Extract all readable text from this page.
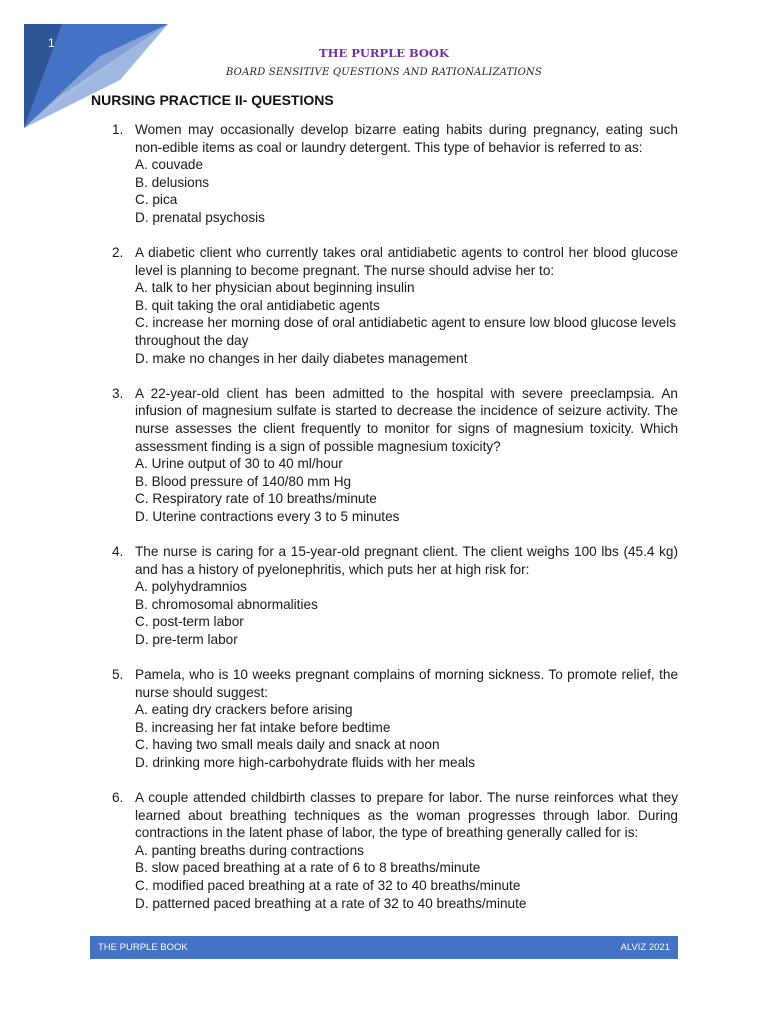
1
THE PURPLE BOOK
BOARD SENSITIVE QUESTIONS AND RATIONALIZATIONS
NURSING PRACTICE II- QUESTIONS
1. Women may occasionally develop bizarre eating habits during pregnancy, eating such non-edible items as coal or laundry detergent. This type of behavior is referred to as:
A. couvade
B. delusions
C. pica
D. prenatal psychosis
2. A diabetic client who currently takes oral antidiabetic agents to control her blood glucose level is planning to become pregnant. The nurse should advise her to:
A. talk to her physician about beginning insulin
B. quit taking the oral antidiabetic agents
C. increase her morning dose of oral antidiabetic agent to ensure low blood glucose levels throughout the day
D. make no changes in her daily diabetes management
3. A 22-year-old client has been admitted to the hospital with severe preeclampsia. An infusion of magnesium sulfate is started to decrease the incidence of seizure activity. The nurse assesses the client frequently to monitor for signs of magnesium toxicity. Which assessment finding is a sign of possible magnesium toxicity?
A. Urine output of 30 to 40 ml/hour
B. Blood pressure of 140/80 mm Hg
C. Respiratory rate of 10 breaths/minute
D. Uterine contractions every 3 to 5 minutes
4. The nurse is caring for a 15-year-old pregnant client. The client weighs 100 lbs (45.4 kg) and has a history of pyelonephritis, which puts her at high risk for:
A. polyhydramnios
B. chromosomal abnormalities
C. post-term labor
D. pre-term labor
5. Pamela, who is 10 weeks pregnant complains of morning sickness. To promote relief, the nurse should suggest:
A. eating dry crackers before arising
B. increasing her fat intake before bedtime
C. having two small meals daily and snack at noon
D. drinking more high-carbohydrate fluids with her meals
6. A couple attended childbirth classes to prepare for labor. The nurse reinforces what they learned about breathing techniques as the woman progresses through labor. During contractions in the latent phase of labor, the type of breathing generally called for is:
A. panting breaths during contractions
B. slow paced breathing at a rate of 6 to 8 breaths/minute
C. modified paced breathing at a rate of 32 to 40 breaths/minute
D. patterned paced breathing at a rate of 32 to 40 breaths/minute
THE PURPLE BOOK	ALVIZ 2021
